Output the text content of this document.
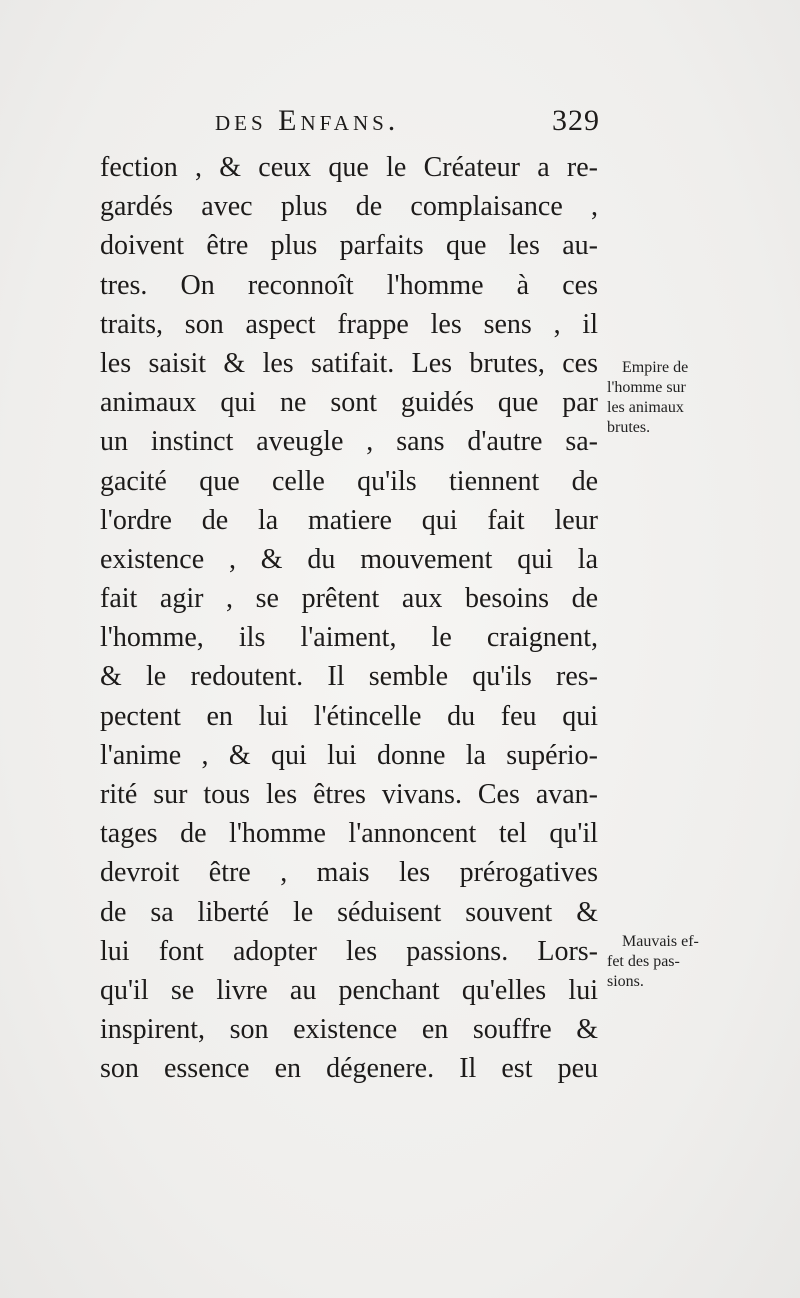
des Enfans.	329
fection , & ceux que le Créateur a re-
gardés avec plus de complaisance ,
doivent être plus parfaits que les au-
tres. On reconnoît l'homme à ces
traits, son aspect frappe les sens , il
les saisit & les satifait. Les brutes, ces
animaux qui ne sont guidés que par
un instinct aveugle , sans d'autre sa-
gacité que celle qu'ils tiennent de
l'ordre de la matiere qui fait leur
existence , & du mouvement qui la
fait agir , se prêtent aux besoins de
l'homme, ils l'aiment, le craignent,
& le redoutent. Il semble qu'ils res-
pectent en lui l'étincelle du feu qui
l'anime , & qui lui donne la supério-
rité sur tous les êtres vivans. Ces avan-
tages de l'homme l'annoncent tel qu'il
devroit être , mais les prérogatives
de sa liberté le séduisent souvent &
lui font adopter les passions. Lors-
qu'il se livre au penchant qu'elles lui
inspirent, son existence en souffre &
son essence en dégenere. Il est peu
Empire de
l'homme sur
les animaux
brutes.
Mauvais ef-
fet des pas-
sions.
